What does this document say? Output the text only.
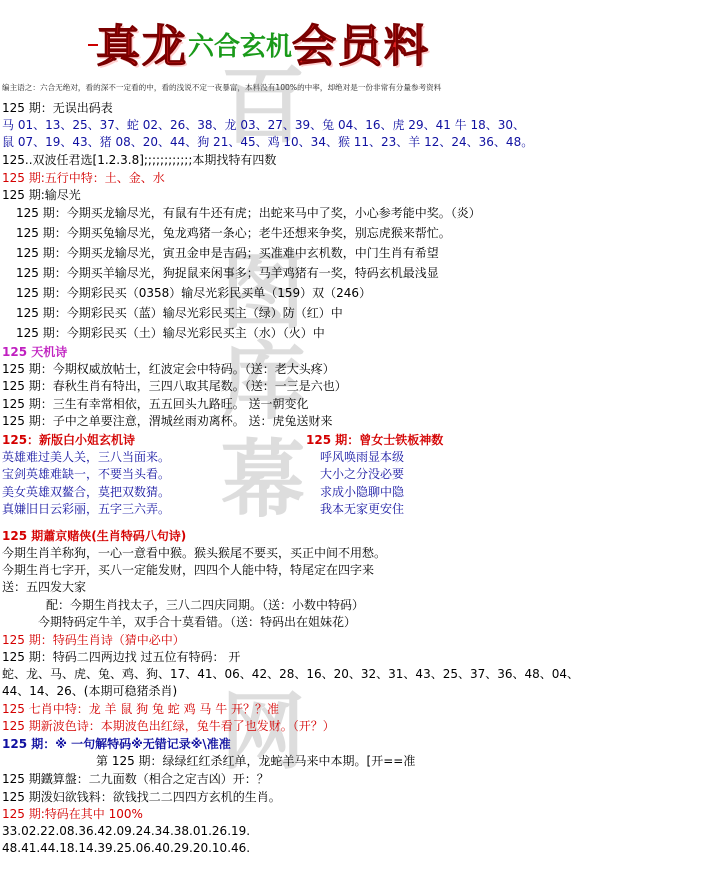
真龙六合玄机会员料
编主语之：六合无绝对，看的深不一定看的中，看的浅说不定一夜暴富，本料没有100%的中率，却绝对是一份非常有分量参考资料
百
图
库
幕
网
125 期：无误出码表
马 01、13、25、37、蛇 02、26、38、龙 03、27、39、兔 04、16、虎 29、41 牛 18、30、
鼠 07、19、43、猪 08、20、44、狗 21、45、鸡 10、34、猴 11、23、羊 12、24、36、48。
125..双波任君选[1.2.3.8];;;;;;;;;;;;本期找特有四数
125 期:五行中特：土、金、水
125 期:输尽光
125 期：今期买龙输尽光，有鼠有牛还有虎；出蛇来马中了奖，小心参考能中奖。（炎）
125 期：今期买兔输尽光，兔龙鸡猪一条心；老牛还想来争奖，别忘虎猴来帮忙。
125 期：今期买龙输尽光，寅丑金申是吉码；买准难中玄机数，中门生肖有希望
125 期：今期买羊输尽光，狗捉鼠来闲事多；马羊鸡猪有一奖，特码玄机最浅显
125 期：今期彩民买（0358）输尽光彩民买单（159）双（246）
125 期：今期彩民买（蓝）输尽光彩民买主（绿）防（红）中
125 期：今期彩民买（土）输尽光彩民买主（水）（火）中
125 天机诗
125 期：今期权威放帖士，红波定会中特码。（送：老大头疼）
125 期：春秋生肖有特出，三四八取其尾数。（送：一三是六也）
125 期：三生有幸常相依，五五回头九路旺。 送一朝变化
125 期：子中之单要注意，渭城丝雨劝离杯。 送：虎兔送财来
125：新版白小姐玄机诗
英雄难过美人关，三八当面来。
宝剑英雄难缺一，不要当头看。
美女英雄双鳌合，莫把双数猜。
真嫌旧日云彩丽，五字三六弄。
125 期：曾女士铁板神数
呼风唤雨显本级
大小之分没必要
求成小隐聊中隐
我本无家更安住
125 期蕭京赌侠(生肖特码八句诗)
今期生肖羊称狗，一心一意看中猴。猴头猴尾不要买，买正中间不用愁。
今期生肖七字开，买八一定能发财，四四个人能中特，特尾定在四字来
送：五四发大家
配：今期生肖找太子，三八二四庆同期。（送：小数中特码）
今期特码定牛羊，双手合十莫看错。（送：特码出在姐妹花）
125 期：特码生肖诗（猜中必中）
125 期：特码二四两边找 过五位有特码： 开
蛇、龙、马、虎、兔、鸡、狗、17、41、06、42、28、16、20、32、31、43、25、37、36、48、04、
44、14、26、(本期可稳猪杀肖)
125 七肖中特：龙 羊 鼠 狗 兔 蛇 鸡 马 牛 开？？准
125 期新波色诗：本期波色出红绿，兔牛看了也发财。（开？）
125 期：※ 一句解特码※无错记录※\准准
第 125 期：绿绿红红杀红单，龙蛇羊马来中本期。[开==准
125 期鐵算盤：二九面数（相合之定吉凶）开：？
125 期泼妇欲钱料：欲钱找二二四四方玄机的生肖。
125 期:特码在其中 100%
33.02.22.08.36.42.09.24.34.38.01.26.19.
48.41.44.18.14.39.25.06.40.29.20.10.46.
